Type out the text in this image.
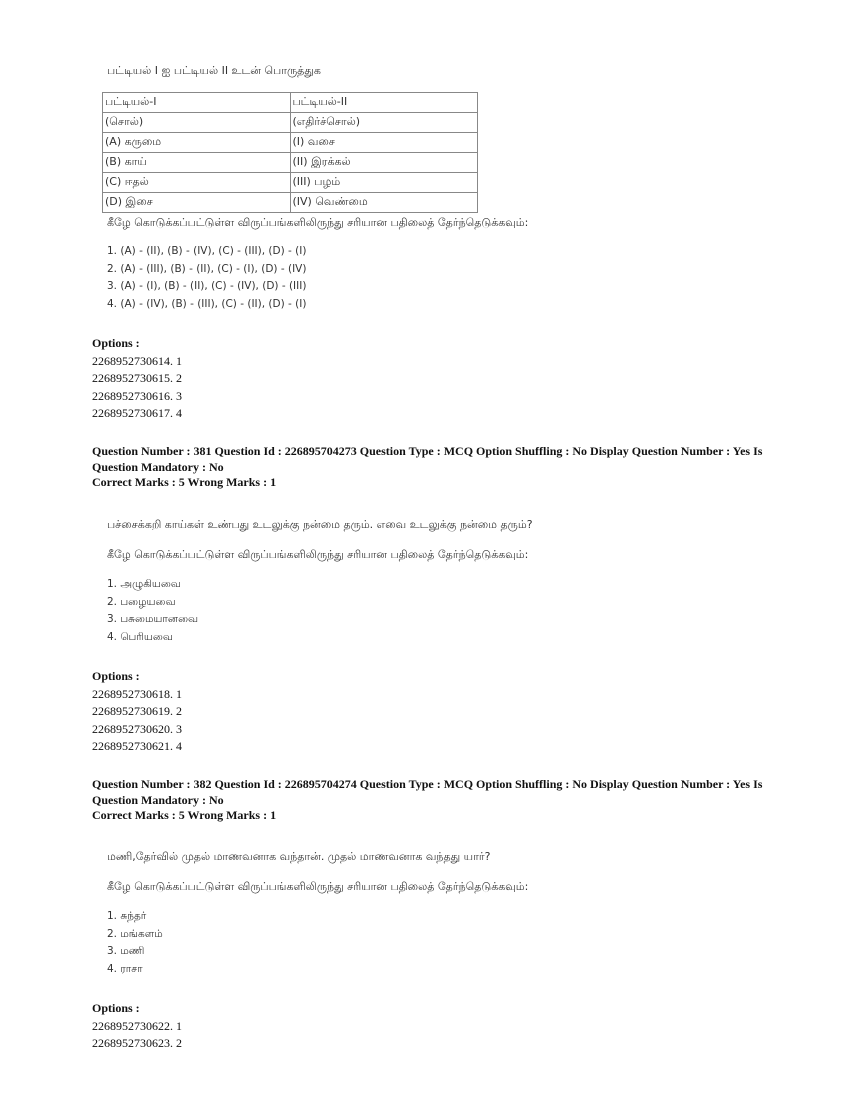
பட்டியல் I ஐ பட்டியல் II உடன் பொருத்துக
பட்டியல்-I	பட்டியல்-II
(சொல்)	(எதிர்ச்சொல்)
(A) கருமை	(I) வசை
(B) காய்	(II) இரக்கல்
(C) ஈதல்	(III) பழம்
(D) இசை	(IV) வெண்மை
கீழே கொடுக்கப்பட்டுள்ள விருப்பங்களிலிருந்து சரியான பதிலைத் தேர்ந்தெடுக்கவும்:
1. (A) - (II), (B) - (IV), (C) - (III), (D) - (I)
2. (A) - (III), (B) - (II), (C) - (I), (D) - (IV)
3. (A) - (I), (B) - (II), (C) - (IV), (D) - (III)
4. (A) - (IV), (B) - (III), (C) - (II), (D) - (I)
Options :
2268952730614. 1
2268952730615. 2
2268952730616. 3
2268952730617. 4
Question Number : 381 Question Id : 226895704273 Question Type : MCQ Option Shuffling : No Display Question Number : Yes Is
Question Mandatory : No
Correct Marks : 5 Wrong Marks : 1
பச்சைக்கறி காய்கள் உண்பது உடலுக்கு நன்மை தரும். எவை உடலுக்கு நன்மை தரும்?
கீழே கொடுக்கப்பட்டுள்ள விருப்பங்களிலிருந்து சரியான பதிலைத் தேர்ந்தெடுக்கவும்:
1. அழுகியவை
2. பழையவை
3. பசுமையானவை
4. பெரியவை
Options :
2268952730618. 1
2268952730619. 2
2268952730620. 3
2268952730621. 4
Question Number : 382 Question Id : 226895704274 Question Type : MCQ Option Shuffling : No Display Question Number : Yes Is
Question Mandatory : No
Correct Marks : 5 Wrong Marks : 1
மணி,தேர்வில் முதல் மாணவனாக வந்தான். முதல் மாணவனாக வந்தது யார்?
கீழே கொடுக்கப்பட்டுள்ள விருப்பங்களிலிருந்து சரியான பதிலைத் தேர்ந்தெடுக்கவும்:
1. சுந்தர்
2. மங்களம்
3. மணி
4. ராசா
Options :
2268952730622. 1
2268952730623. 2
